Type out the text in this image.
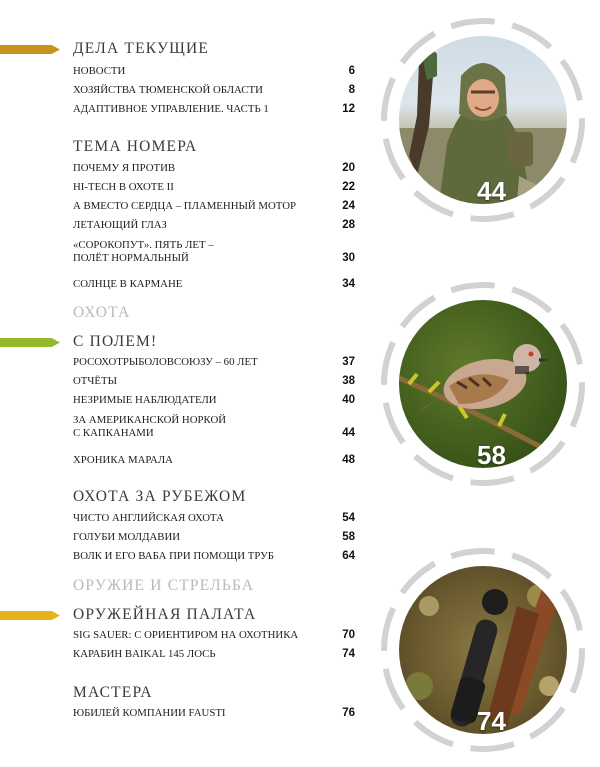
ДЕЛА ТЕКУЩИЕ
НОВОСТИ	6
ХОЗЯЙСТВА ТЮМЕНСКОЙ ОБЛАСТИ	8
АДАПТИВНОЕ УПРАВЛЕНИЕ. ЧАСТЬ 1	12
ТЕМА НОМЕРА
ПОЧЕМУ Я ПРОТИВ	20
HI-TECH В ОХОТЕ II	22
А ВМЕСТО СЕРДЦА – ПЛАМЕННЫЙ МОТОР	24
ЛЕТАЮЩИЙ ГЛАЗ	28
«СОРОКОПУТ». ПЯТЬ ЛЕТ –
ПОЛЁТ НОРМАЛЬНЫЙ	30
СОЛНЦЕ В КАРМАНЕ	34
ОХОТА
С ПОЛЕМ!
РОСОХОТРЫБОЛОВСОЮЗУ – 60 ЛЕТ	37
ОТЧЁТЫ	38
НЕЗРИМЫЕ НАБЛЮДАТЕЛИ	40
ЗА АМЕРИКАНСКОЙ НОРКОЙ
С КАПКАНАМИ	44
ХРОНИКА МАРАЛА	48
ОХОТА ЗА РУБЕЖОМ
ЧИСТО АНГЛИЙСКАЯ ОХОТА	54
ГОЛУБИ МОЛДАВИИ	58
ВОЛК И ЕГО ВАБА ПРИ ПОМОЩИ ТРУБ	64
ОРУЖИЕ И СТРЕЛЬБА
ОРУЖЕЙНАЯ ПАЛАТА
SIG SAUER: С ОРИЕНТИРОМ НА ОХОТНИКА	70
КАРАБИН BAIKAL 145 ЛОСЬ	74
МАСТЕРА
ЮБИЛЕЙ КОМПАНИИ FAUSTI	76
44
58
74
